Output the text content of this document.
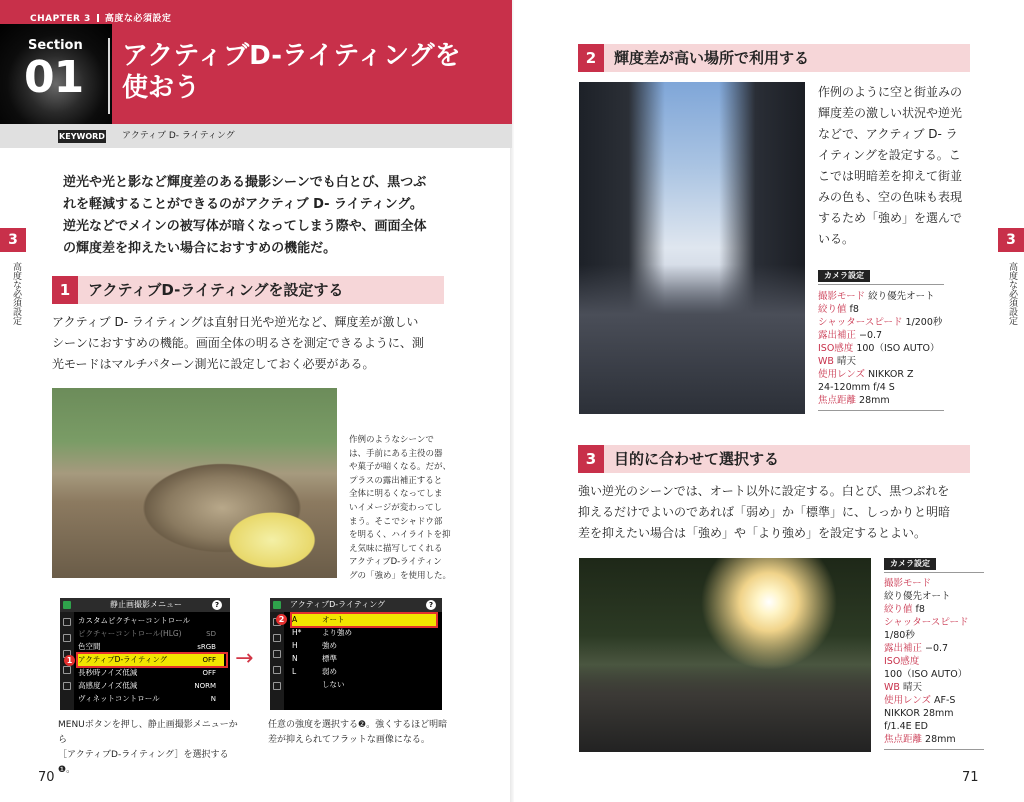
CHAPTER 3 高度な必須設定
Section
01 アクティブD-ライティングを
使おう
KEYWORD アクティブ D- ライティング
逆光や光と影など輝度差のある撮影シーンでも白とび、黒つぶ
れを軽減することができるのがアクティブ D- ライティング。
逆光などでメインの被写体が暗くなってしまう際や、画面全体
の輝度差を抑えたい場合におすすめの機能だ。
3
高度な必須設定
3
高度な必須設定
1	アクティブD-ライティングを設定する
アクティブ D- ライティングは直射日光や逆光など、輝度差が激しい
シーンにおすすめの機能。画面全体の明るさを測定できるように、測
光モードはマルチパターン測光に設定しておく必要がある。
作例のようなシーンで
は、手前にある主役の器
や菓子が暗くなる。だが、
プラスの露出補正すると
全体に明るくなってしま
いイメージが変わってし
まう。そこでシャドウ部
を明るく、ハイライトを抑
え気味に描写してくれる
アクティブD-ライティン
グの「強め」を使用した。
静止画撮影メニュー	?
カスタムピクチャーコントロール
ピクチャーコントロール(HLG)	SD
色空間	sRGB
アクティブD-ライティング	OFF
長秒時ノイズ低減	OFF
高感度ノイズ低減	NORM
ヴィネットコントロール	N
1	→
アクティブD-ライティング	?
A	オート
H*	より強め
H	強め
N	標準
L	弱め
しない
2
MENUボタンを押し、静止画撮影メニューから
［アクティブD-ライティング］を選択する❶。
任意の強度を選択する❷。強くするほど明暗
差が抑えられてフラットな画像になる。
70
2	輝度差が高い場所で利用する
作例のように空と街並みの
輝度差の激しい状況や逆光
などで、アクティブ D- ラ
イティングを設定する。こ
こでは明暗差を抑えて街並
みの色も、空の色味も表現
するため「強め」を選んで
いる。
カメラ設定
撮影モード 絞り優先オート
絞り値 f8
シャッタースピード 1/200秒
露出補正 −0.7
ISO感度 100（ISO AUTO）
WB 晴天
使用レンズ NIKKOR Z
24-120mm f/4 S
焦点距離 28mm
3	目的に合わせて選択する
強い逆光のシーンでは、オート以外に設定する。白とび、黒つぶれを
抑えるだけでよいのであれば「弱め」か「標準」に、しっかりと明暗
差を抑えたい場合は「強め」や「より強め」を設定するとよい。
カメラ設定
撮影モード
絞り優先オート
絞り値 f8
シャッタースピード
1/80秒
露出補正 −0.7
ISO感度
100（ISO AUTO）
WB 晴天
使用レンズ AF-S
NIKKOR 28mm
f/1.4E ED
焦点距離 28mm
71
